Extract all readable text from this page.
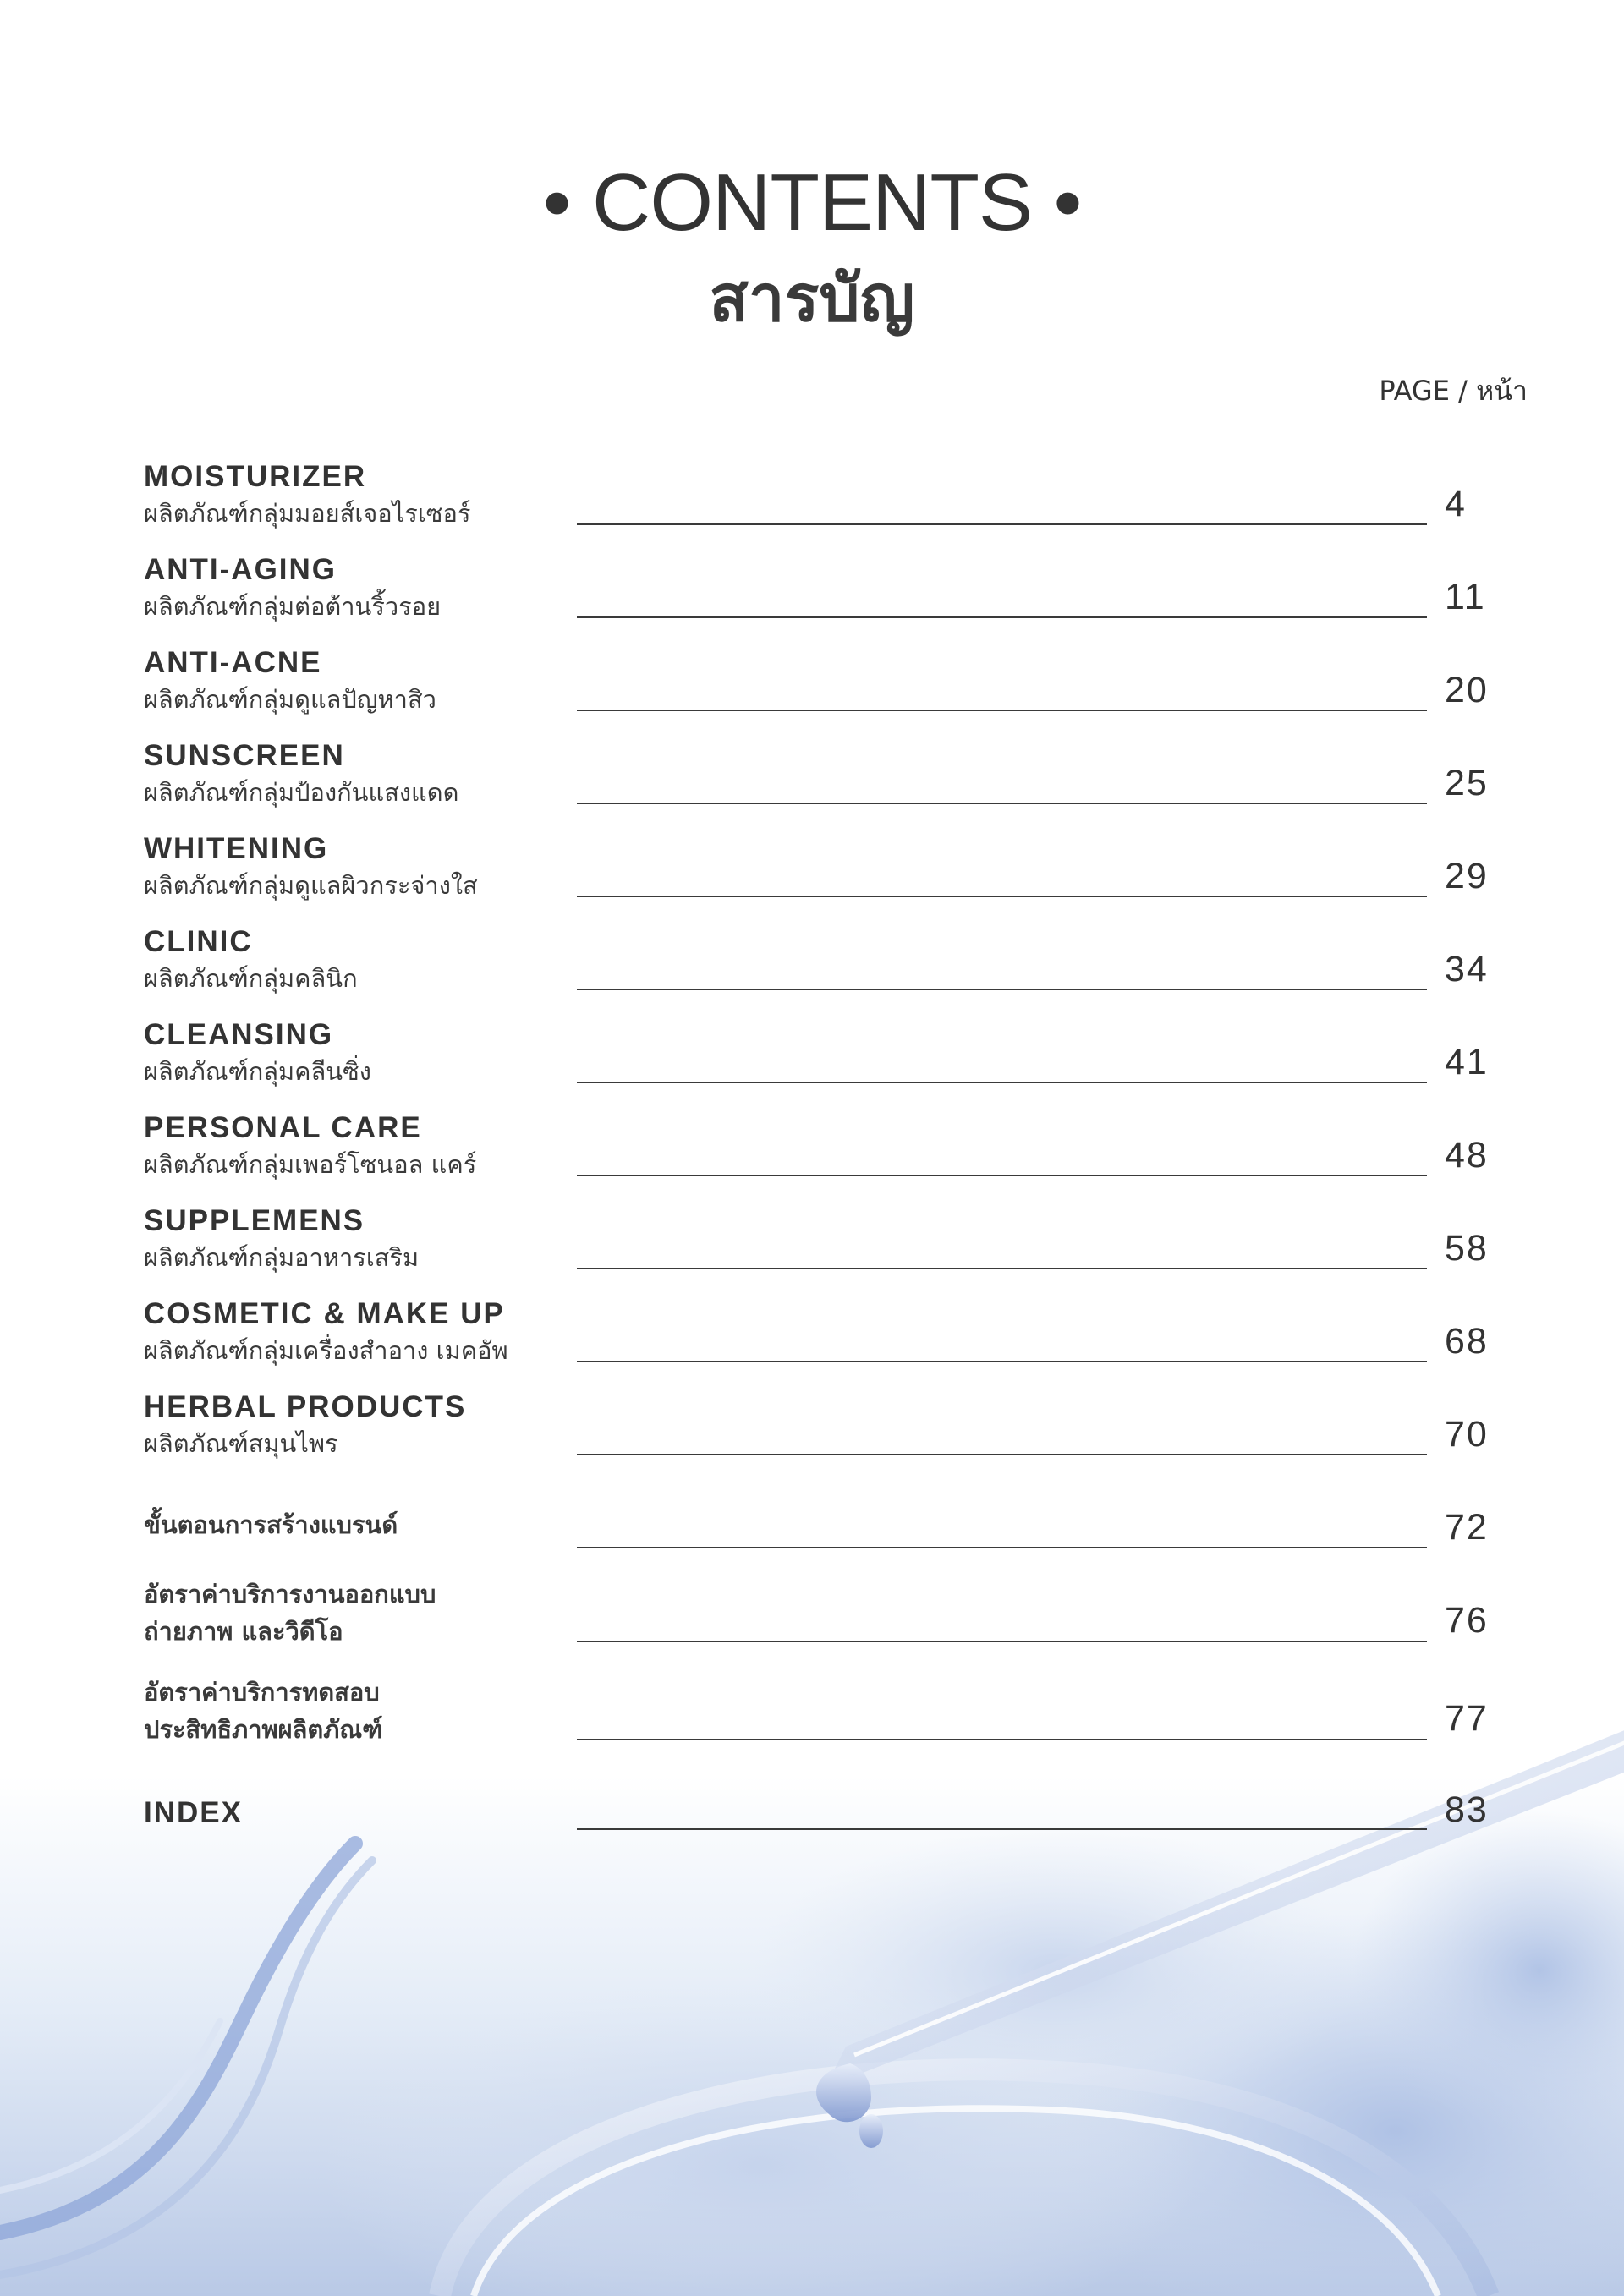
• CONTENTS •
สารบัญ
PAGE / หน้า
MOISTURIZER
ผลิตภัณฑ์กลุ่มมอยส์เจอไรเซอร์	4
ANTI-AGING
ผลิตภัณฑ์กลุ่มต่อต้านริ้วรอย	11
ANTI-ACNE
ผลิตภัณฑ์กลุ่มดูแลปัญหาสิว	20
SUNSCREEN
ผลิตภัณฑ์กลุ่มป้องกันแสงแดด	25
WHITENING
ผลิตภัณฑ์กลุ่มดูแลผิวกระจ่างใส	29
CLINIC
ผลิตภัณฑ์กลุ่มคลินิก	34
CLEANSING
ผลิตภัณฑ์กลุ่มคลีนซิ่ง	41
PERSONAL CARE
ผลิตภัณฑ์กลุ่มเพอร์โซนอล แคร์	48
SUPPLEMENS
ผลิตภัณฑ์กลุ่มอาหารเสริม	58
COSMETIC & MAKE UP
ผลิตภัณฑ์กลุ่มเครื่องสำอาง เมคอัพ	68
HERBAL PRODUCTS
ผลิตภัณฑ์สมุนไพร	70
ขั้นตอนการสร้างแบรนด์	72
อัตราค่าบริการงานออกแบบ
ถ่ายภาพ และวิดีโอ	76
อัตราค่าบริการทดสอบ
ประสิทธิภาพผลิตภัณฑ์	77
INDEX	83
